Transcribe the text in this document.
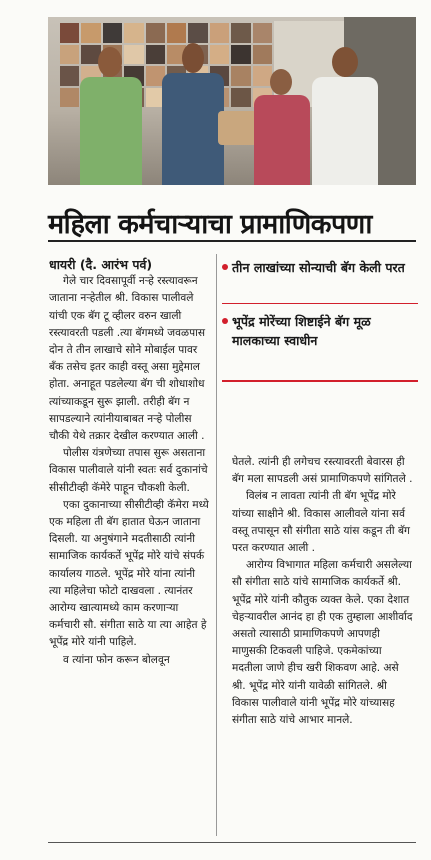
महिला कर्मचाऱ्याचा प्रामाणिकपणा

धायरी (दै. आरंभ पर्व)

गेले चार दिवसापूर्वी नऱ्हे रस्त्यावरून जाताना नऱ्हेतील श्री. विकास पालीवले यांची एक बॅग टू व्हीलर वरुन खाली रस्त्यावरती पडली .त्या बॅगमध्ये जवळपास दोन ते तीन लाखाचे सोने मोबाईल पावर बँक तसेच इतर काही वस्तू असा मुद्देमाल होता. अनाहूत पडलेल्या बॅग ची शोधाशोध त्यांच्याकडून सुरू झाली. तरीही बॅग न सापडल्याने त्यांनीयाबाबत नऱ्हे पोलीस चौकी येथे तक्रार देखील करण्यात आली .

पोलीस यंत्रणेच्या तपास सुरू असताना विकास पालीवाले यांनी स्वतः सर्व दुकानांचे सीसीटीव्ही कॅमेरे पाहून चौकशी केली.

एका दुकानाच्या सीसीटीव्ही कॅमेरा मध्ये एक महिला ती बॅग हातात घेऊन जाताना दिसली. या अनुषंगाने मदतीसाठी त्यांनी सामाजिक कार्यकर्ते भूपेंद्र मोरे यांचे संपर्क कार्यालय गाठले. भूपेंद्र मोरे यांना त्यांनी त्या महिलेचा फोटो दाखवला . त्यानंतर आरोग्य खात्यामध्ये काम करणाऱ्या कर्मचारी सौ. संगीता साठे या त्या आहेत हे भूपेंद्र मोरे यांनी पाहिले.

व त्यांना फोन करून बोलवून

तीन लाखांच्या सोन्याची बॅग केली परत
भूपेंद्र मोरेंच्या शिष्टाईने बॅग मूळ मालकाच्या स्वाधीन

घेतले. त्यांनी ही लगेचच रस्त्यावरती बेवारस ही बॅग मला सापडली असं प्रामाणिकपणे सांगितले .

विलंब न लावता त्यांनी ती बॅग भूपेंद्र मोरे यांच्या साक्षीने श्री. विकास आलीवले यांना सर्व वस्तू तपासून सौ संगीता साठे यांस कडून ती बॅग परत करण्यात आली .

आरोग्य विभागात महिला कर्मचारी असलेल्या सौ संगीता साठे यांचे सामाजिक कार्यकर्ते श्री. भूपेंद्र मोरे यांनी कौतुक व्यक्त केले. एका देशात चेहऱ्यावरील आनंद हा ही एक तुम्हाला आशीर्वाद असतो त्यासाठी प्रामाणिकपणे आपणही माणुसकी टिकवली पाहिजे. एकमेकांच्या मदतीला जाणे हीच खरी शिकवण आहे. असे श्री. भूपेंद्र मोरे यांनी यावेळी सांगितले. श्री विकास पालीवाले यांनी भूपेंद्र मोरे यांच्यासह संगीता साठे यांचे आभार मानले.
